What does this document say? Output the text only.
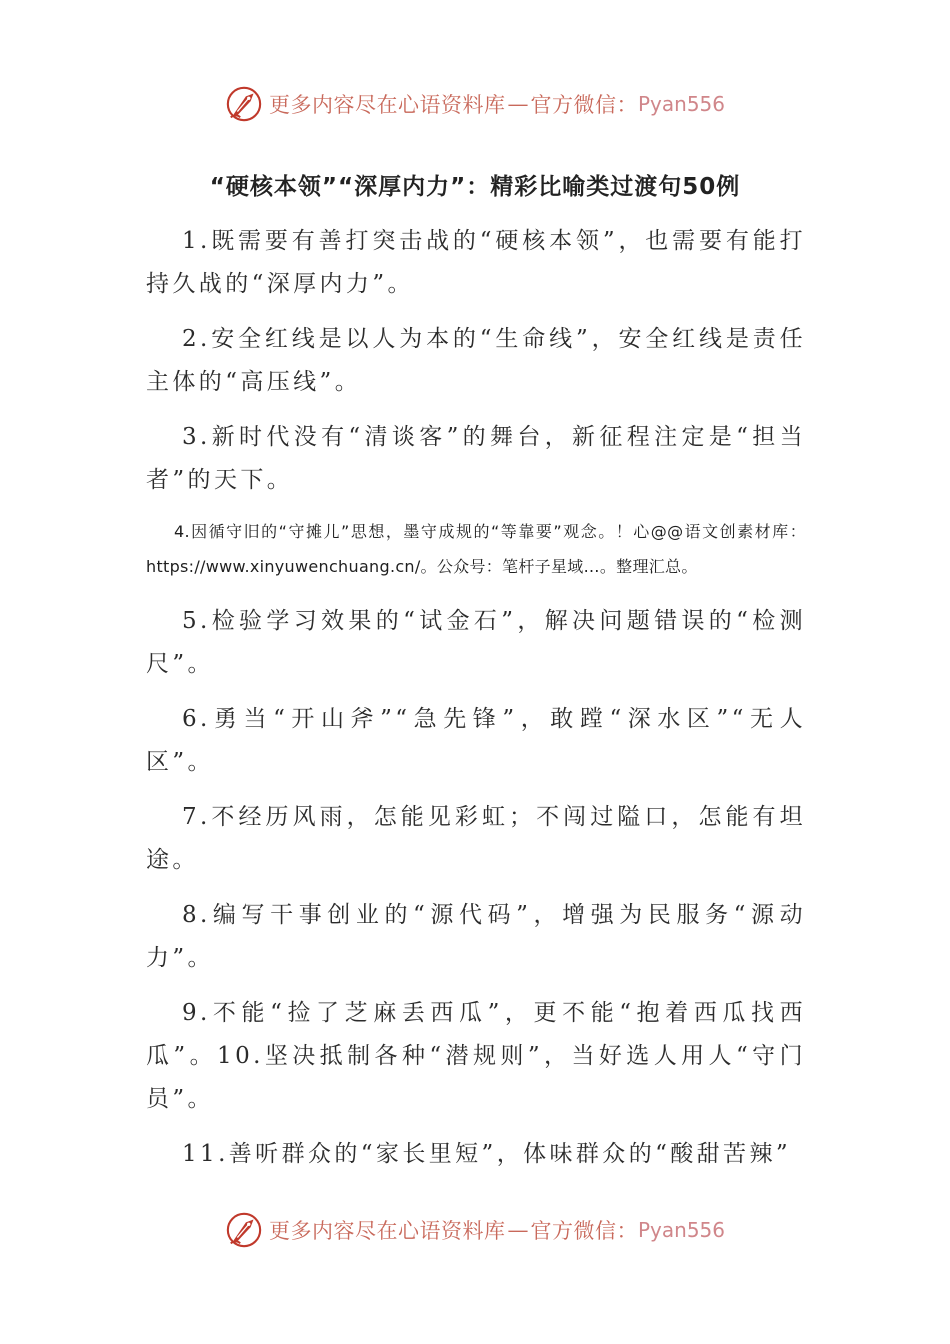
更多内容尽在心语资料库 — 官方微信： Pyan556
“硬核本领”“深厚内力”：精彩比喻类过渡句50例

1.既需要有善打突击战的“硬核本领”，也需要有能打持久战的“深厚内力”。

2.安全红线是以人为本的“生命线”，安全红线是责任主体的“高压线”。

3.新时代没有“清谈客”的舞台，新征程注定是“担当者”的天下。

4.因循守旧的“守摊儿”思想，墨守成规的“等靠要”观念。！心@@语文创素材库：https://www.xinyuwenchuang.cn/。公众号：笔杆子星域…。整理汇总。

5.检验学习效果的“试金石”，解决问题错误的“检测尺”。

6.勇当“开山斧”“急先锋”，敢蹚“深水区”“无人区”。

7.不经历风雨，怎能见彩虹；不闯过隘口，怎能有坦途。

8.编写干事创业的“源代码”，增强为民服务“源动力”。

9.不能“捡了芝麻丢西瓜”，更不能“抱着西瓜找西瓜”。10.坚决抵制各种“潜规则”，当好选人用人“守门员”。

11.善听群众的“家长里短”，体味群众的“酸甜苦辣”

更多内容尽在心语资料库 — 官方微信： Pyan556
